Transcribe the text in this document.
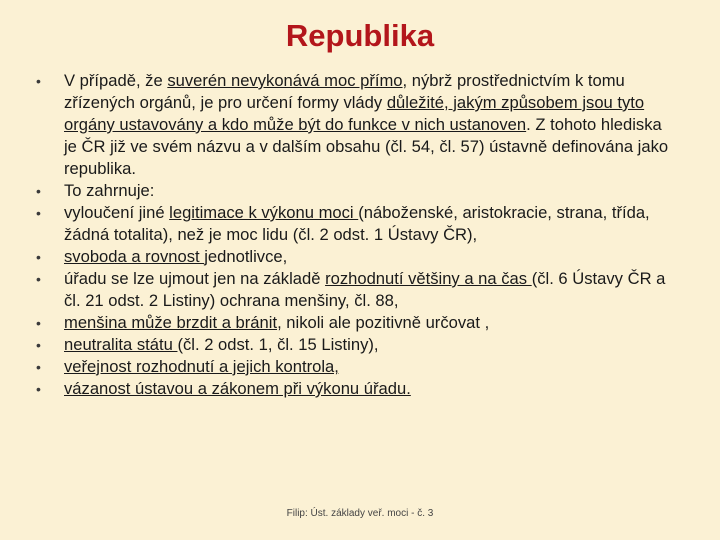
Republika
• V případě, že suverén nevykonává moc přímo, nýbrž prostřednictvím k tomu zřízených orgánů, je pro určení formy vlády důležité, jakým způsobem jsou tyto orgány ustavovány a kdo může být do funkce v nich ustanoven. Z tohoto hlediska je ČR již ve svém názvu a v dalším obsahu (čl. 54, čl. 57) ústavně definována jako republika.
• To zahrnuje:
• vyloučení jiné legitimace k výkonu moci (náboženské, aristokracie, strana, třída, žádná totalita), než je moc lidu (čl. 2 odst. 1 Ústavy ČR),
• svoboda a rovnost jednotlivce,
• úřadu se lze ujmout jen na základě rozhodnutí většiny a na čas (čl. 6 Ústavy ČR a čl. 21 odst. 2 Listiny) ochrana menšiny, čl. 88,
• menšina může brzdit a bránit, nikoli ale pozitivně určovat ,
• neutralita státu (čl. 2 odst. 1, čl. 15 Listiny),
• veřejnost rozhodnutí a jejich kontrola,
• vázanost ústavou a zákonem při výkonu úřadu.
Filip: Úst. základy veř. moci - č. 3
